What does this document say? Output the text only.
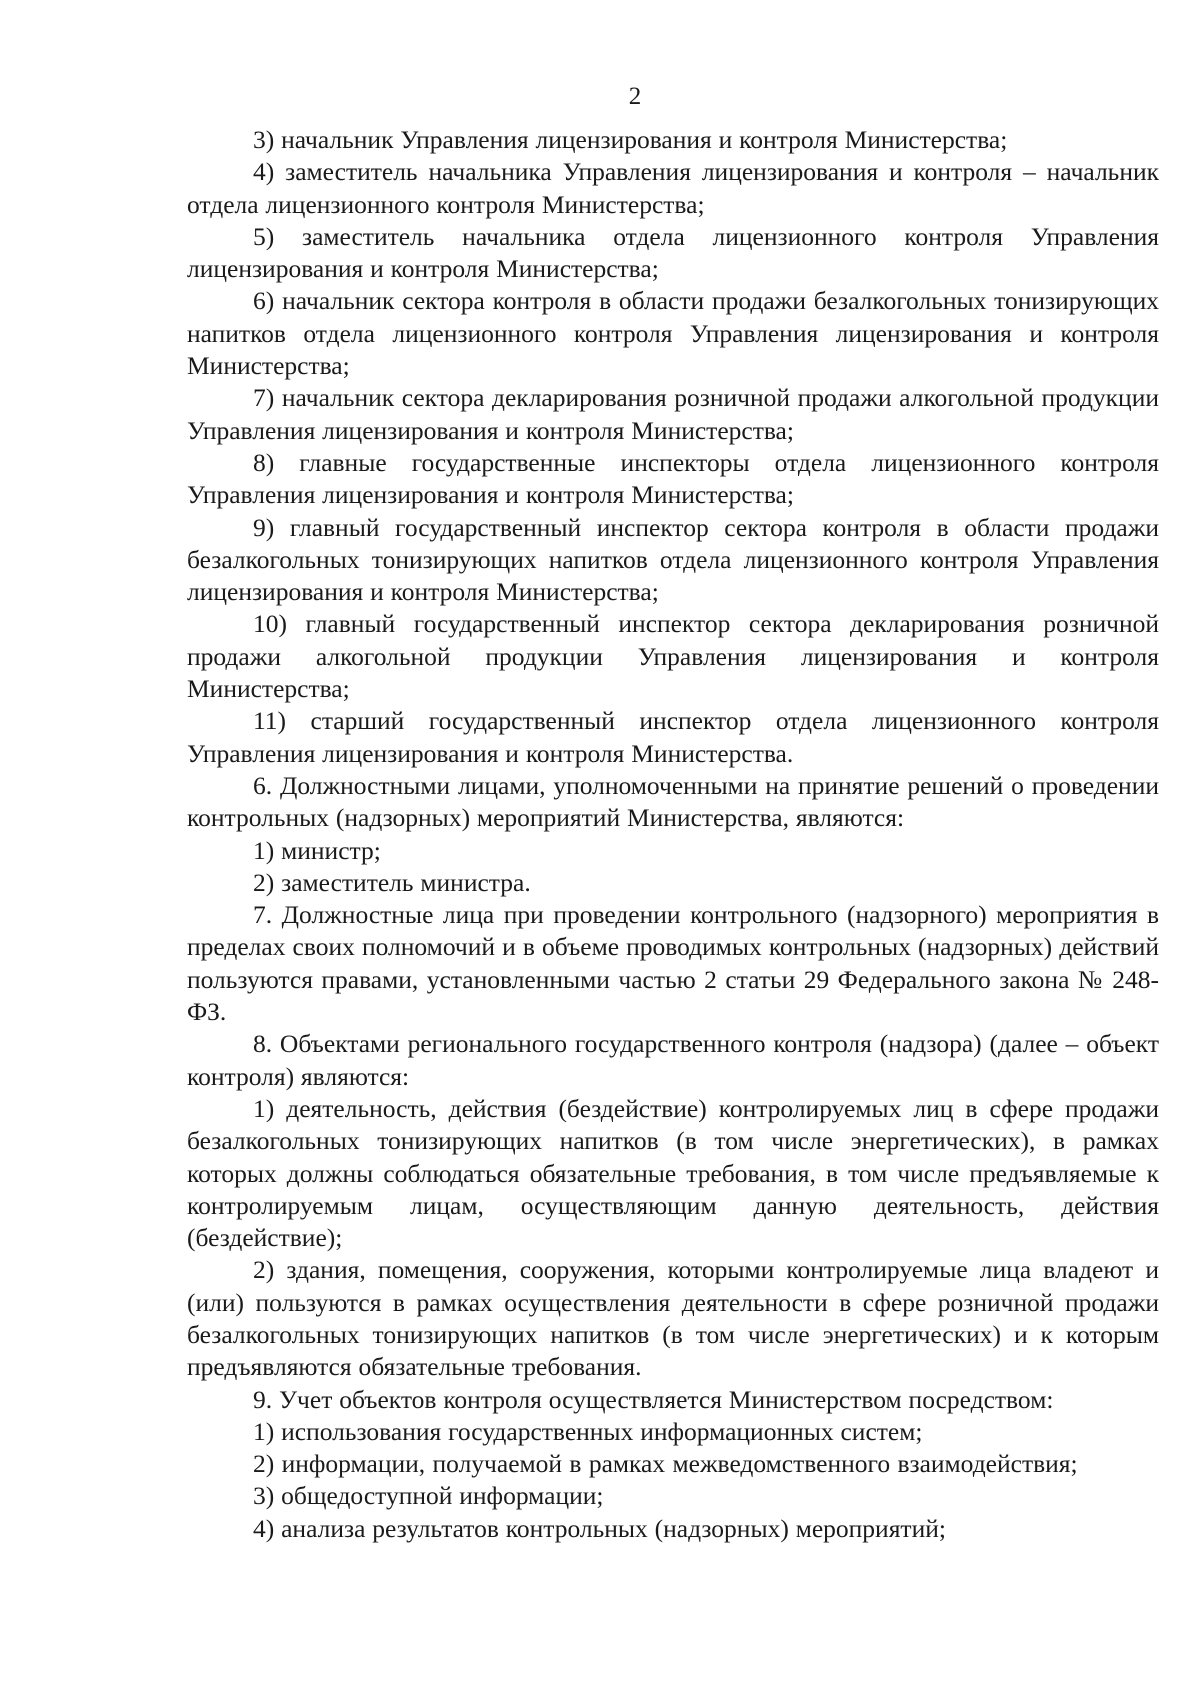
2

3) начальник Управления лицензирования и контроля Министерства;

4) заместитель начальника Управления лицензирования и контроля – начальник отдела лицензионного контроля Министерства;

5) заместитель начальника отдела лицензионного контроля Управления лицензирования и контроля Министерства;

6) начальник сектора контроля в области продажи безалкогольных тонизирующих напитков отдела лицензионного контроля Управления лицензирования и контроля Министерства;

7) начальник сектора декларирования розничной продажи алкогольной продукции Управления лицензирования и контроля Министерства;

8) главные государственные инспекторы отдела лицензионного контроля Управления лицензирования и контроля Министерства;

9) главный государственный инспектор сектора контроля в области продажи безалкогольных тонизирующих напитков отдела лицензионного контроля Управления лицензирования и контроля Министерства;

10) главный государственный инспектор сектора декларирования розничной продажи алкогольной продукции Управления лицензирования и контроля Министерства;

11) старший государственный инспектор отдела лицензионного контроля Управления лицензирования и контроля Министерства.

6. Должностными лицами, уполномоченными на принятие решений о проведении контрольных (надзорных) мероприятий Министерства, являются:

1) министр;

2) заместитель министра.

7. Должностные лица при проведении контрольного (надзорного) мероприятия в пределах своих полномочий и в объеме проводимых контрольных (надзорных) действий пользуются правами, установленными частью 2 статьи 29 Федерального закона № 248-ФЗ.

8. Объектами регионального государственного контроля (надзора) (далее – объект контроля) являются:

1) деятельность, действия (бездействие) контролируемых лиц в сфере продажи безалкогольных тонизирующих напитков (в том числе энергетических), в рамках которых должны соблюдаться обязательные требования, в том числе предъявляемые к контролируемым лицам, осуществляющим данную деятельность, действия (бездействие);

2) здания, помещения, сооружения, которыми контролируемые лица владеют и (или) пользуются в рамках осуществления деятельности в сфере розничной продажи безалкогольных тонизирующих напитков (в том числе энергетических) и к которым предъявляются обязательные требования.

9. Учет объектов контроля осуществляется Министерством посредством:

1) использования государственных информационных систем;

2) информации, получаемой в рамках межведомственного взаимодействия;

3) общедоступной информации;

4) анализа результатов контрольных (надзорных) мероприятий;
